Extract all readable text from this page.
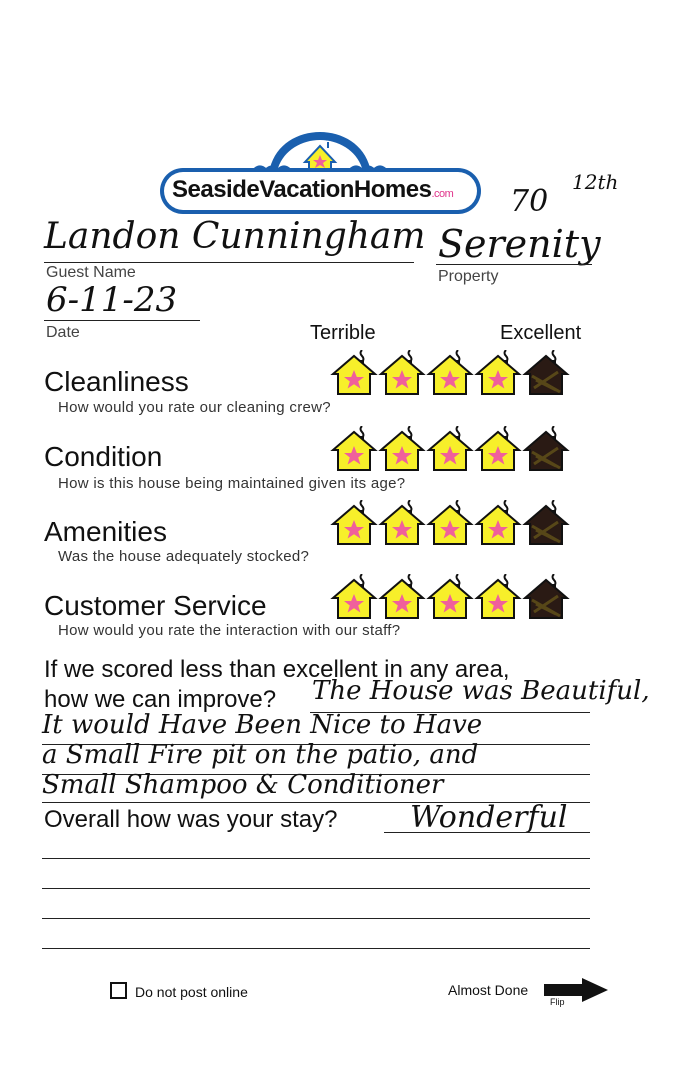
SeasideVacationHomes.com	70
12th
Landon Cunningham
Guest Name
Serenity
Property
6-11-23
Date	Terrible	Excellent
Cleanliness
How would you rate our cleaning crew?
Condition
How is this house being maintained given its age?
Amenities
Was the house adequately stocked?
Customer Service
How would you rate the interaction with our staff?
If we scored less than excellent in any area,
how we can improve? The House was Beautiful,
It would Have Been Nice to Have
a Small Fire pit on the patio, and
Small Shampoo & Conditioner
Overall how was your stay? Wonderful
Do not post online	Almost Done
Flip
